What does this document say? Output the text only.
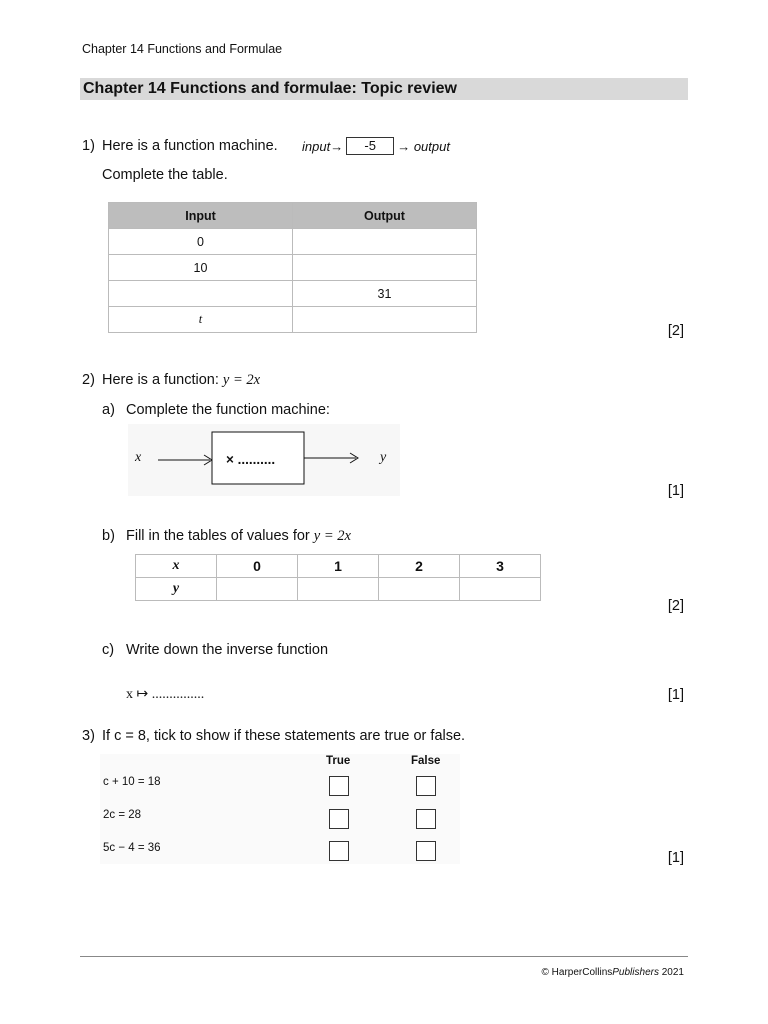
Chapter 14 Functions and Formulae
Chapter 14 Functions and formulae: Topic review
1) Here is a function machine. input→	-5	→ output
Complete the table.
Input	Output
0	
10	
	31
t	
[2]
2) Here is a function: y = 2x
a) Complete the function machine:
x	× ..........	y
[1]
b) Fill in the tables of values for y = 2x
x	0	1	2	3
y				
[2]
c) Write down the inverse function
x ↦ ...............	[1]
3) If c = 8, tick to show if these statements are true or false.
True	False
c + 10 = 18
2c = 28
5c − 4 = 36
[1]
© HarperCollinsPublishers 2021
